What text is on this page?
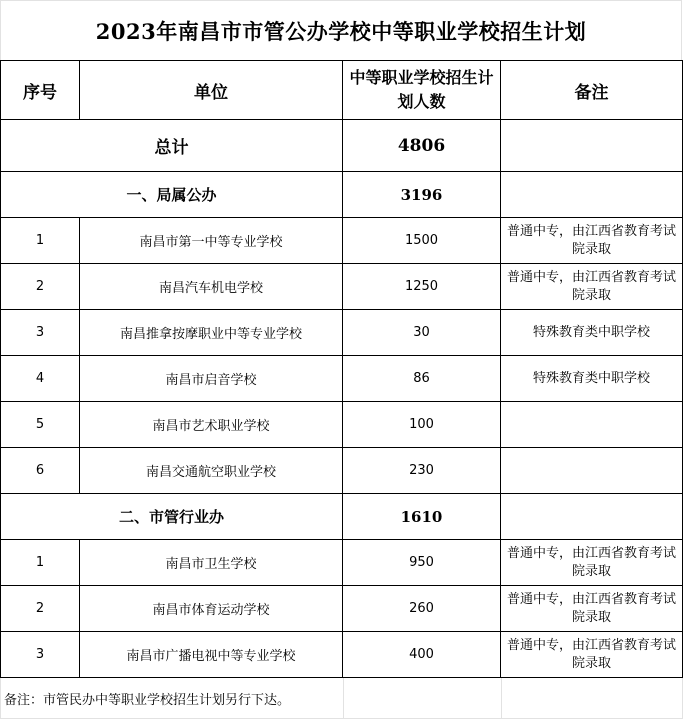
2023年南昌市市管公办学校中等职业学校招生计划
序号	单位	中等职业学校招生计划人数	备注
总计		4806	
一、局属公办		3196	
1	南昌市第一中等专业学校	1500	普通中专，由江西省教育考试院录取
2	南昌汽车机电学校	1250	普通中专，由江西省教育考试院录取
3	南昌推拿按摩职业中等专业学校	30	特殊教育类中职学校
4	南昌市启音学校	86	特殊教育类中职学校
5	南昌市艺术职业学校	100	
6	南昌交通航空职业学校	230	
二、市管行业办		1610	
1	南昌市卫生学校	950	普通中专，由江西省教育考试院录取
2	南昌市体育运动学校	260	普通中专，由江西省教育考试院录取
3	南昌市广播电视中等专业学校	400	普通中专，由江西省教育考试院录取
备注：市管民办中等职业学校招生计划另行下达。
